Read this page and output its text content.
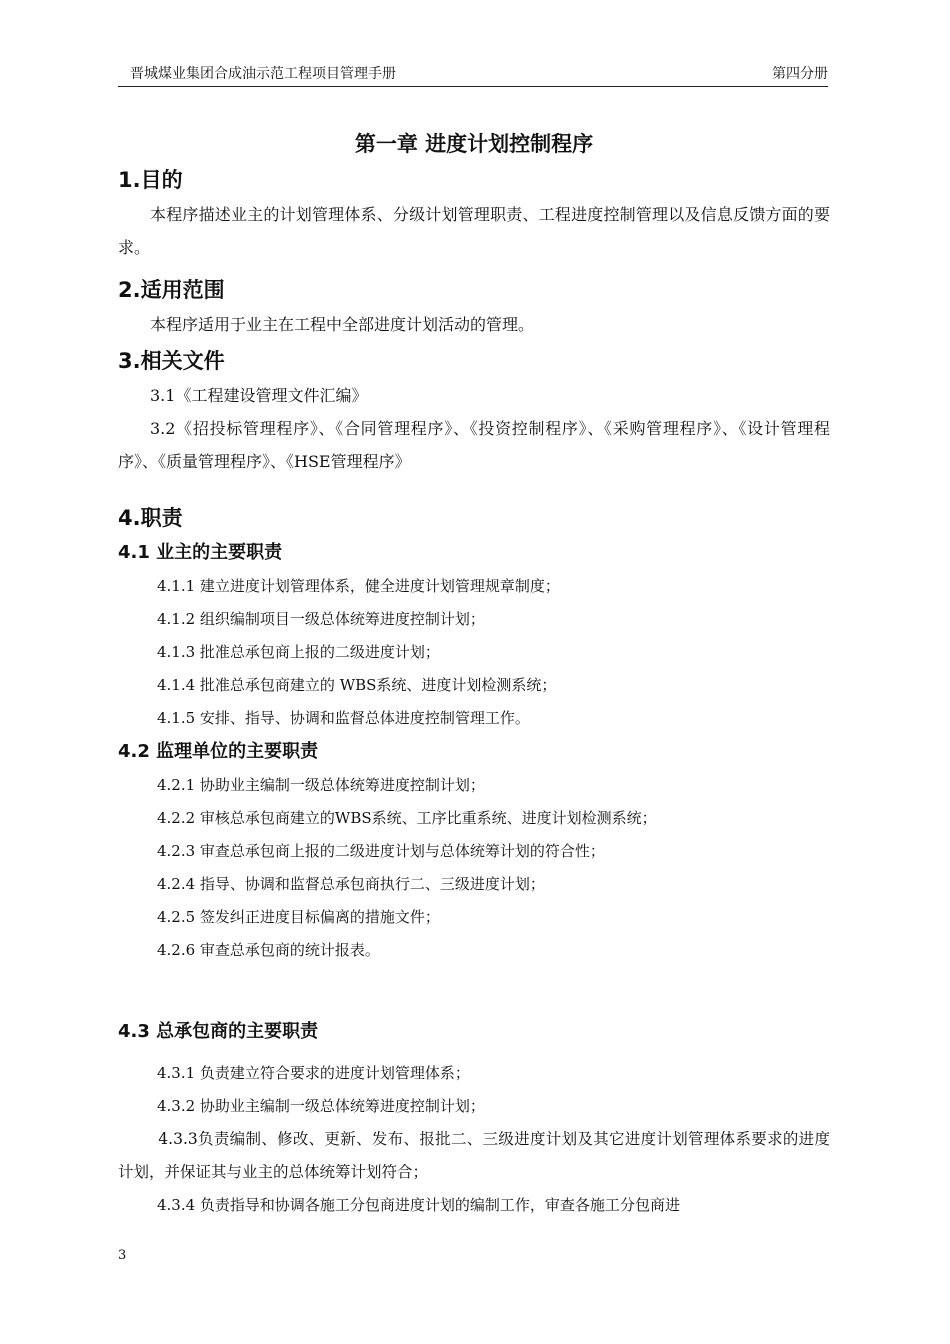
晋城煤业集团合成油示范工程项目管理手册	第四分册
第一章 进度计划控制程序
1.目的

本程序描述业主的计划管理体系、分级计划管理职责、工程进度控制管理以及信息反馈方面的要求。

2.适用范围

本程序适用于业主在工程中全部进度计划活动的管理。

3.相关文件

3.1《工程建设管理文件汇编》

3.2《招投标管理程序》、《合同管理程序》、《投资控制程序》、《采购管理程序》、《设计管理程序》、《质量管理程序》、《HSE管理程序》

4.职责
4.1 业主的主要职责

4.1.1 建立进度计划管理体系，健全进度计划管理规章制度；

4.1.2 组织编制项目一级总体统筹进度控制计划；

4.1.3 批准总承包商上报的二级进度计划；

4.1.4 批准总承包商建立的 WBS系统、进度计划检测系统；

4.1.5 安排、指导、协调和监督总体进度控制管理工作。

4.2 监理单位的主要职责

4.2.1 协助业主编制一级总体统筹进度控制计划；

4.2.2 审核总承包商建立的WBS系统、工序比重系统、进度计划检测系统；

4.2.3 审查总承包商上报的二级进度计划与总体统筹计划的符合性；

4.2.4 指导、协调和监督总承包商执行二、三级进度计划；

4.2.5 签发纠正进度目标偏离的措施文件；

4.2.6 审查总承包商的统计报表。

4.3 总承包商的主要职责

4.3.1 负责建立符合要求的进度计划管理体系；

4.3.2 协助业主编制一级总体统筹进度控制计划；

4.3.3负责编制、修改、更新、发布、报批二、三级进度计划及其它进度计划管理体系要求的进度计划，并保证其与业主的总体统筹计划符合；

4.3.4 负责指导和协调各施工分包商进度计划的编制工作，审查各施工分包商进

3
